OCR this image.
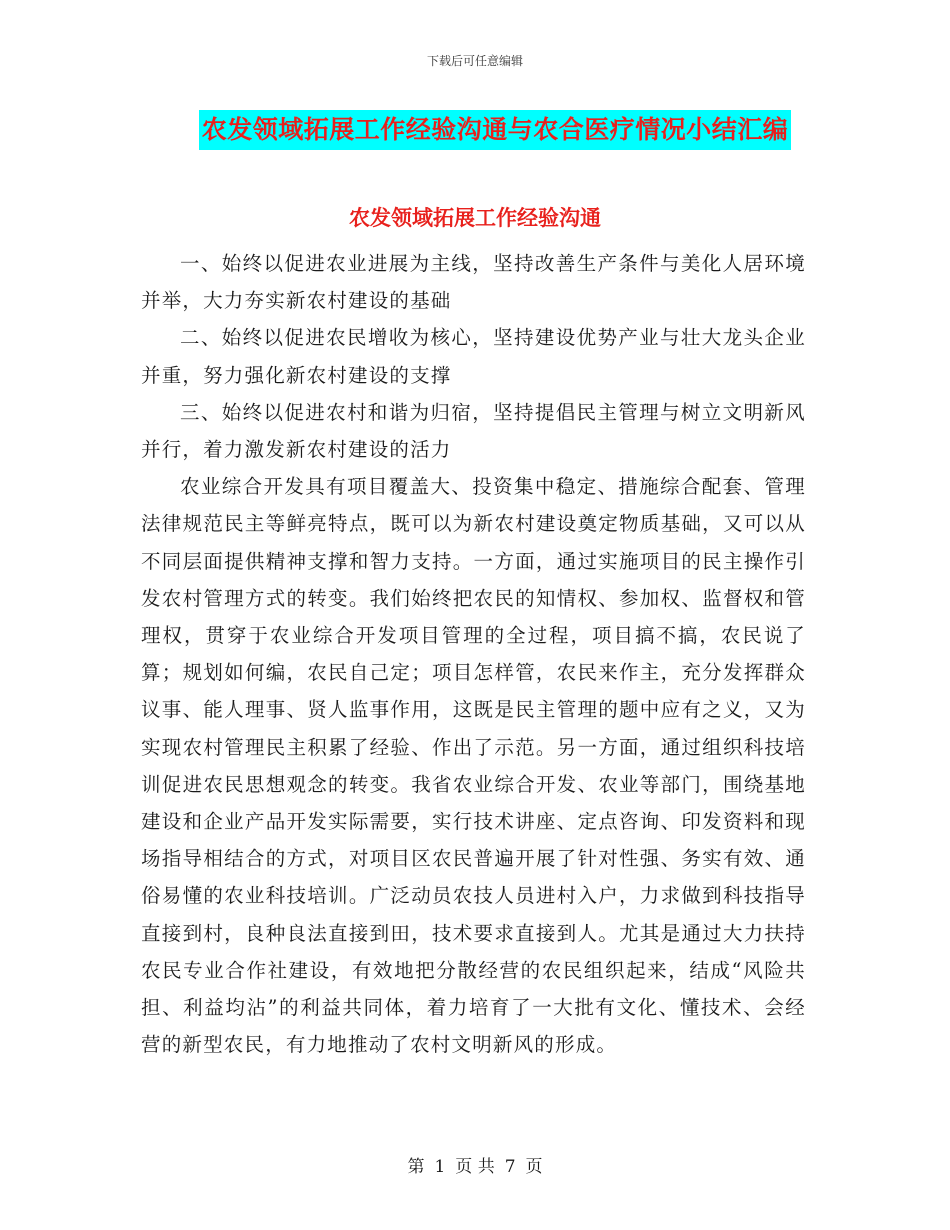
下载后可任意编辑
农发领域拓展工作经验沟通与农合医疗情况小结汇编
农发领域拓展工作经验沟通

一、始终以促进农业进展为主线，坚持改善生产条件与美化人居环境并举，大力夯实新农村建设的基础

二、始终以促进农民增收为核心，坚持建设优势产业与壮大龙头企业并重，努力强化新农村建设的支撑

三、始终以促进农村和谐为归宿，坚持提倡民主管理与树立文明新风并行，着力激发新农村建设的活力

农业综合开发具有项目覆盖大、投资集中稳定、措施综合配套、管理法律规范民主等鲜亮特点，既可以为新农村建设奠定物质基础，又可以从不同层面提供精神支撑和智力支持。一方面，通过实施项目的民主操作引发农村管理方式的转变。我们始终把农民的知情权、参加权、监督权和管理权，贯穿于农业综合开发项目管理的全过程，项目搞不搞，农民说了算；规划如何编，农民自己定；项目怎样管，农民来作主，充分发挥群众议事、能人理事、贤人监事作用，这既是民主管理的题中应有之义，又为实现农村管理民主积累了经验、作出了示范。另一方面，通过组织科技培训促进农民思想观念的转变。我省农业综合开发、农业等部门，围绕基地建设和企业产品开发实际需要，实行技术讲座、定点咨询、印发资料和现场指导相结合的方式，对项目区农民普遍开展了针对性强、务实有效、通俗易懂的农业科技培训。广泛动员农技人员进村入户，力求做到科技指导直接到村，良种良法直接到田，技术要求直接到人。尤其是通过大力扶持农民专业合作社建设，有效地把分散经营的农民组织起来，结成“风险共担、利益均沾”的利益共同体，着力培育了一大批有文化、懂技术、会经营的新型农民，有力地推动了农村文明新风的形成。

第 1 页 共 7 页
